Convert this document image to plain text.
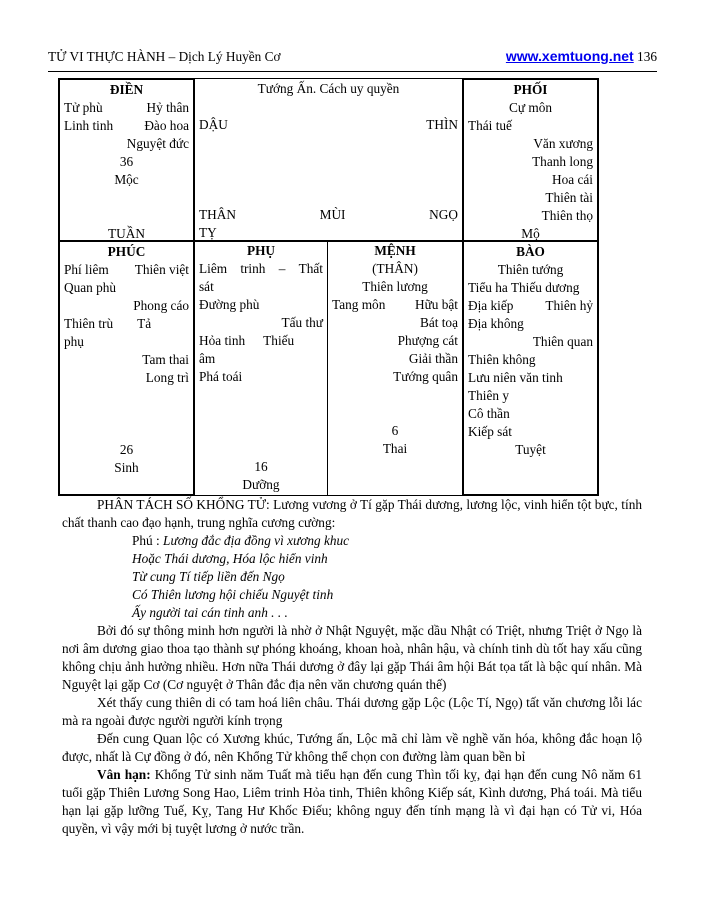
TỬ VI THỰC HÀNH – Dịch Lý Huyền Cơ	www.xemtuong.net 136
ĐIỀN
Tử phù	Hỷ thân
Linh tinh Đào hoa
Nguyệt đức
36
Mộc
TUẦN
Tướng Ấn. Cách uy quyền
DẬU	THÌN
THÂN	MÙI	NGỌ
TỴ
PHỐI
Cự môn
Thái tuế
Văn xương
Thanh long
Hoa cái
Thiên tài
Thiên thọ
Mộ
PHÚC
Phí liêm Thiên việt
Quan phù
Phong cáo
Thiên trù Tả
phụ
Tam thai
Long trì
26
Sinh
PHỤ
Liêm trinh – Thất
sát
Đường phù
Tấu thư
Hỏa tinh Thiếu
âm
Phá toái
16
Dưỡng
MỆNH
(THÂN)
Thiên lương
Tang môn Hữu bật
Bát toạ
Phượng cát
Giải thần
Tướng quân
6
Thai
BÀO
Thiên tướng
Tiểu ha Thiếu dương
Địa kiếp Thiên hỷ
Địa không
Thiên quan
Thiên không
Lưu niên văn tinh
Thiên y
Cô thần
Kiếp sát
Tuyệt

PHÂN TÁCH SỐ KHỔNG TỬ: Lương vương ở Tí gặp Thái dương, lương lộc, vinh hiển tột bực, tính chất thanh cao đạo hạnh, trung nghĩa cương cường:

Phú : Lương đắc địa đồng vì xương khuc

Hoặc Thái dương, Hóa lộc hiển vinh

Từ cung Tí tiếp liền đến Ngọ

Có Thiên lương hội chiếu Nguyệt tinh

Ấy người tai cán tinh anh . . .

Bởi đó sự thông minh hơn người là nhờ ở Nhật Nguyệt, mặc dầu Nhật có Triệt, nhưng Triệt ở Ngọ là nơi âm dương giao thoa tạo thành sự phóng khoáng, khoan hoà, nhân hậu, và chính tinh dù tốt hay xấu cũng không chịu ảnh hưởng nhiều. Hơn nữa Thái dương ở đây lại gặp Thái âm hội Bát tọa tất là bậc quí nhân. Mà Nguyệt lại gặp Cơ (Cơ nguyệt ở Thân đắc địa nên văn chương quán thế)

Xét thấy cung thiên di có tam hoá liên châu. Thái dương gặp Lộc (Lộc Tí, Ngọ) tất văn chương lỗi lác mà ra ngoài được người người kính trọng

Đến cung Quan lộc có Xương khúc, Tướng ấn, Lộc mã chỉ làm về nghề văn hóa, không đắc hoạn lộ được, nhất là Cự đồng ở đó, nên Khổng Tử không thể chọn con đường làm quan bền bỉ

Vân hạn: Khổng Tử sinh năm Tuất mà tiểu hạn đến cung Thìn tối kỵ, đại hạn đến cung Nô năm 61 tuổi gặp Thiên Lương Song Hao, Liêm trinh Hỏa tinh, Thiên không Kiếp sát, Kình dương, Phá toái. Mà tiểu hạn lại gặp lưỡng Tuế, Kỵ, Tang Hư Khốc Điếu; không nguy đến tính mạng là vì đại hạn có Tử vi, Hóa quyền, vì vậy mới bị tuyệt lương ở nước trần.
